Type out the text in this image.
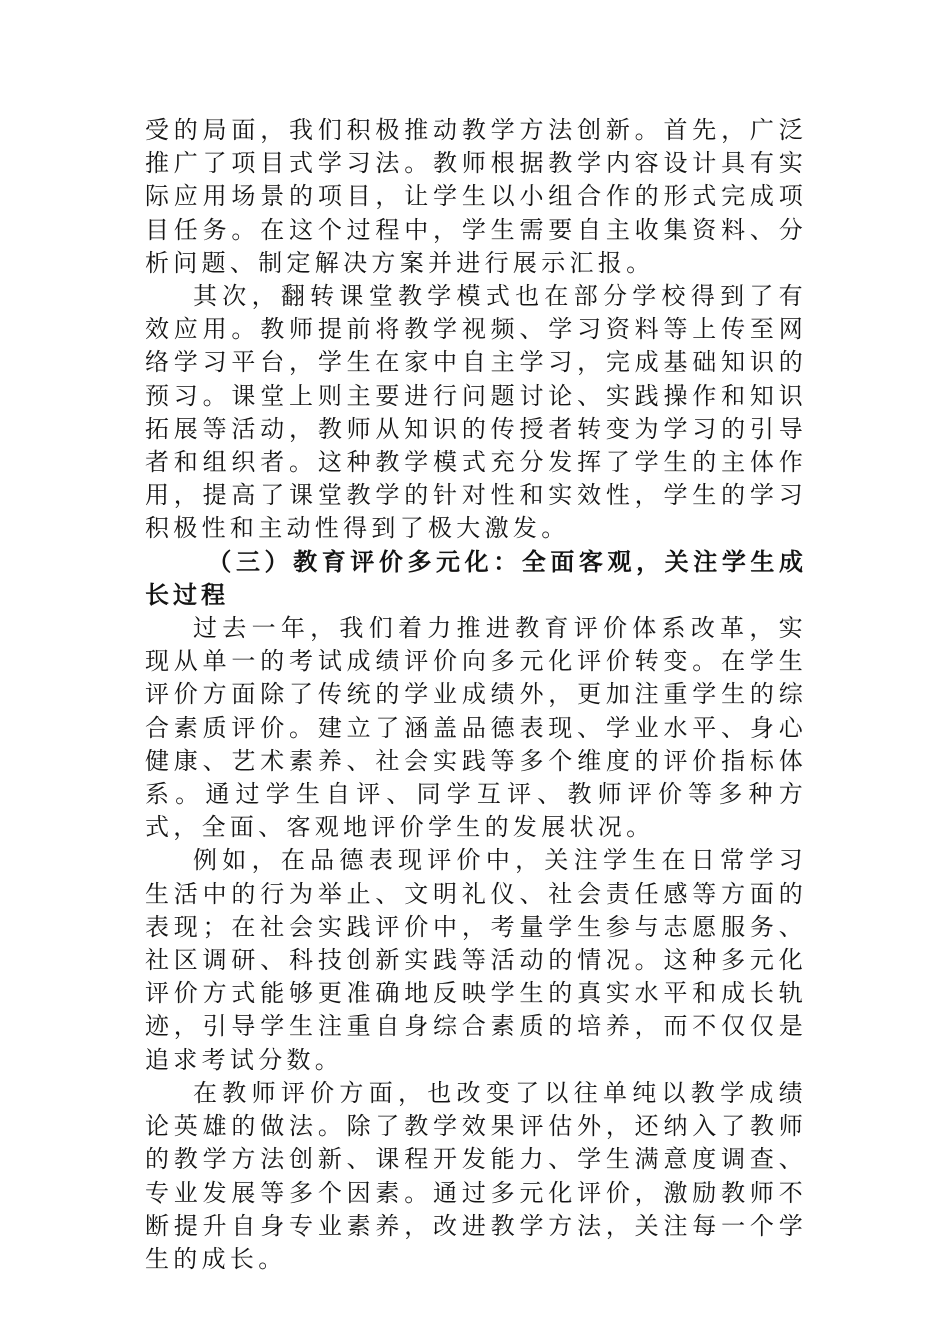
受的局面，我们积极推动教学方法创新。首先，广泛推广了项目式学习法。教师根据教学内容设计具有实际应用场景的项目，让学生以小组合作的形式完成项目任务。在这个过程中，学生需要自主收集资料、分析问题、制定解决方案并进行展示汇报。

其次，翻转课堂教学模式也在部分学校得到了有效应用。教师提前将教学视频、学习资料等上传至网络学习平台，学生在家中自主学习，完成基础知识的预习。课堂上则主要进行问题讨论、实践操作和知识拓展等活动，教师从知识的传授者转变为学习的引导者和组织者。这种教学模式充分发挥了学生的主体作用，提高了课堂教学的针对性和实效性，学生的学习积极性和主动性得到了极大激发。

（三）教育评价多元化：全面客观，关注学生成长过程

过去一年，我们着力推进教育评价体系改革，实现从单一的考试成绩评价向多元化评价转变。在学生评价方面除了传统的学业成绩外，更加注重学生的综合素质评价。建立了涵盖品德表现、学业水平、身心健康、艺术素养、社会实践等多个维度的评价指标体系。通过学生自评、同学互评、教师评价等多种方式，全面、客观地评价学生的发展状况。

例如，在品德表现评价中，关注学生在日常学习生活中的行为举止、文明礼仪、社会责任感等方面的表现；在社会实践评价中，考量学生参与志愿服务、社区调研、科技创新实践等活动的情况。这种多元化评价方式能够更准确地反映学生的真实水平和成长轨迹，引导学生注重自身综合素质的培养，而不仅仅是追求考试分数。

在教师评价方面，也改变了以往单纯以教学成绩论英雄的做法。除了教学效果评估外，还纳入了教师的教学方法创新、课程开发能力、学生满意度调查、专业发展等多个因素。通过多元化评价，激励教师不断提升自身专业素养，改进教学方法，关注每一个学生的成长。
